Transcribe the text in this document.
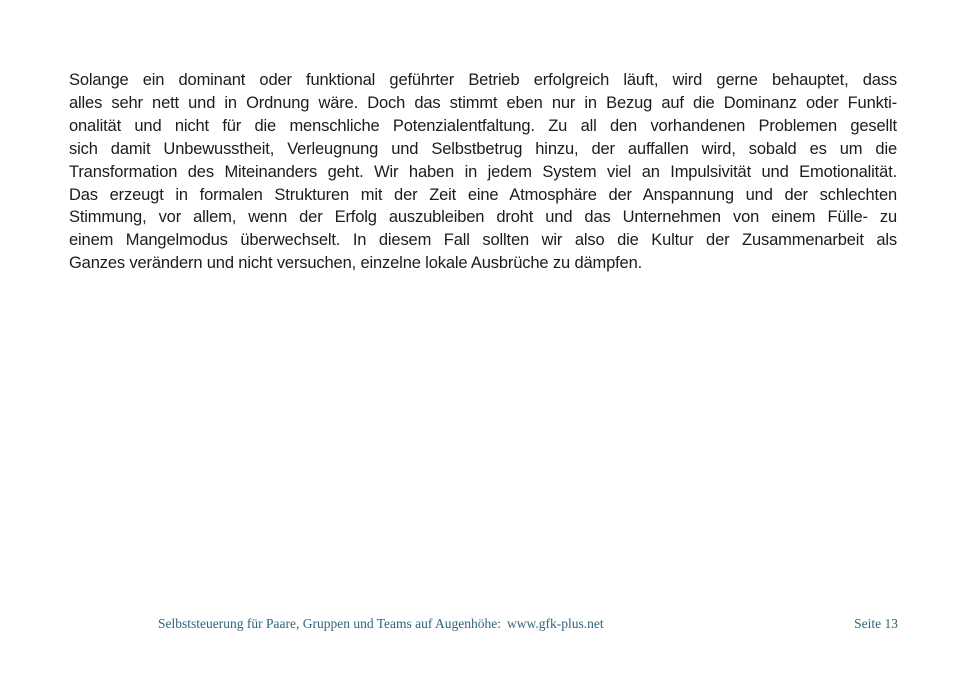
Solange ein dominant oder funktional geführter Betrieb erfolgreich läuft, wird gerne behauptet, dass
alles sehr nett und in Ordnung wäre. Doch das stimmt eben nur in Bezug auf die Dominanz oder Funkti-
onalität und nicht für die menschliche Potenzialentfaltung. Zu all den vorhandenen Problemen gesellt
sich damit Unbewusstheit, Verleugnung und Selbstbetrug hinzu, der auffallen wird, sobald es um die
Transformation des Miteinanders geht. Wir haben in jedem System viel an Impulsivität und Emotionalität.
Das erzeugt in formalen Strukturen mit der Zeit eine Atmosphäre der Anspannung und der schlechten
Stimmung, vor allem, wenn der Erfolg auszubleiben droht und das Unternehmen von einem Fülle- zu
einem Mangelmodus überwechselt. In diesem Fall sollten wir also die Kultur der Zusammenarbeit als
Ganzes verändern und nicht versuchen, einzelne lokale Ausbrüche zu dämpfen.
Selbststeuerung für Paare, Gruppen und Teams auf Augenhöhe: www.gfk-plus.net	Seite 13
